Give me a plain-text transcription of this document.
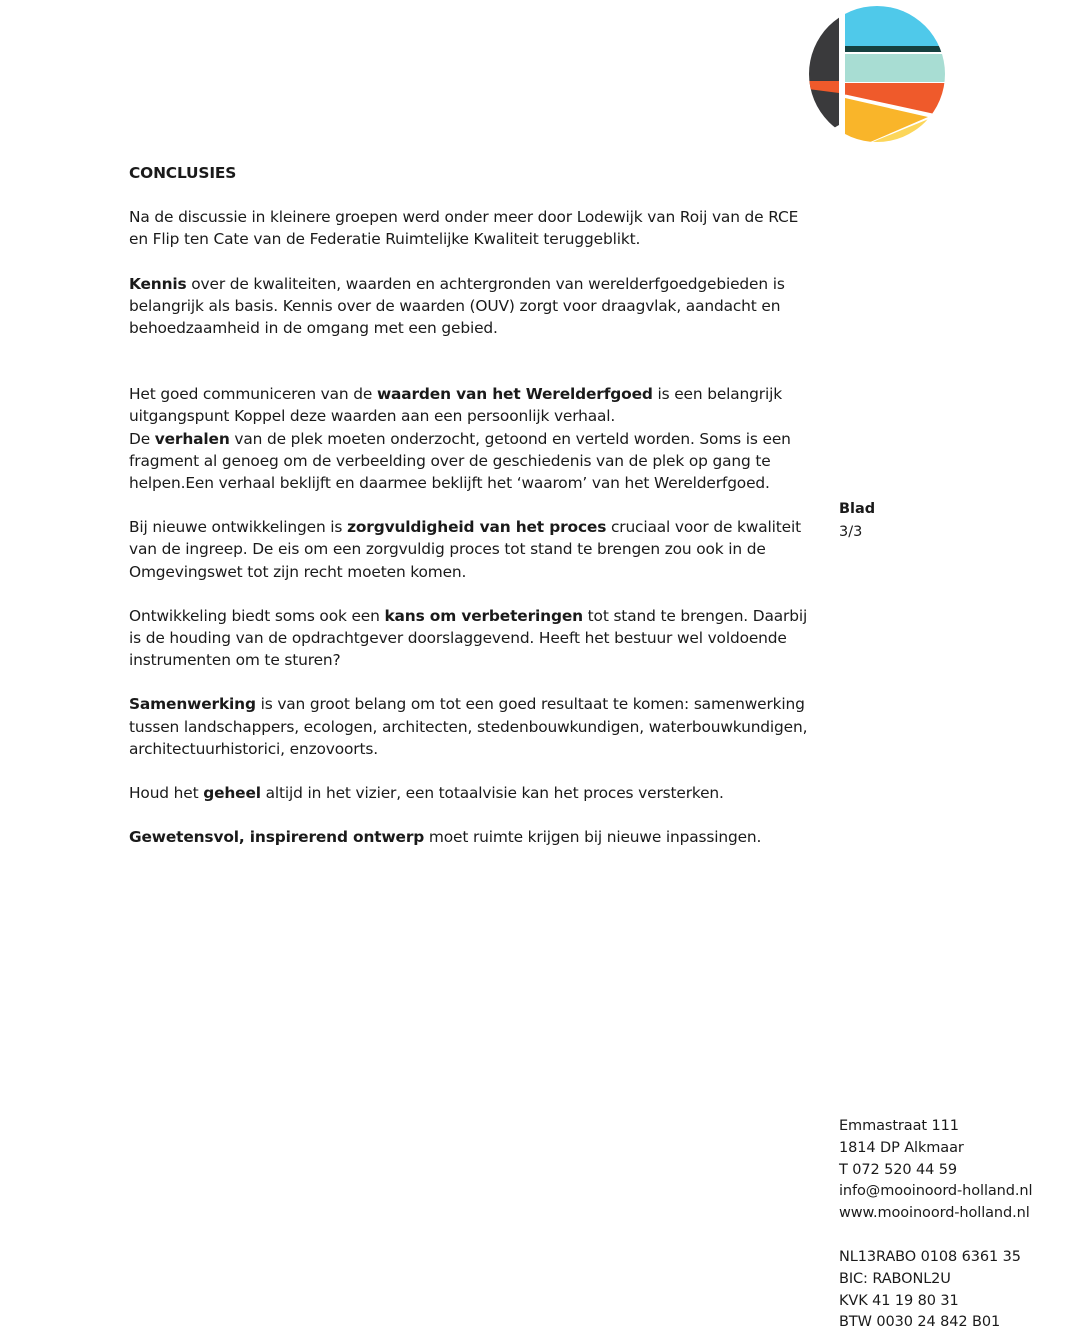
CONCLUSIES

Na de discussie in kleinere groepen werd onder meer door Lodewijk van Roij van de RCE en Flip ten Cate van de Federatie Ruimtelijke Kwaliteit teruggeblikt.

Kennis over de kwaliteiten, waarden en achtergronden van werelderfgoedgebieden is belangrijk als basis. Kennis over de waarden (OUV) zorgt voor draagvlak, aandacht en behoedzaamheid in de omgang met een gebied.

Het goed communiceren van de waarden van het Werelderfgoed is een belangrijk uitgangspunt Koppel deze waarden aan een persoonlijk verhaal.

De verhalen van de plek moeten onderzocht, getoond en verteld worden. Soms is een fragment al genoeg om de verbeelding over de geschiedenis van de plek op gang te helpen.Een verhaal beklijft en daarmee beklijft het ‘waarom’ van het Werelderfgoed.

Bij nieuwe ontwikkelingen is zorgvuldigheid van het proces cruciaal voor de kwaliteit van de ingreep. De eis om een zorgvuldig proces tot stand te brengen zou ook in de Omgevingswet tot zijn recht moeten komen.

Ontwikkeling biedt soms ook een kans om verbeteringen tot stand te brengen. Daarbij is de houding van de opdrachtgever doorslaggevend. Heeft het bestuur wel voldoende instrumenten om te sturen?

Samenwerking is van groot belang om tot een goed resultaat te komen: samenwerking tussen landschappers, ecologen, architecten, stedenbouwkundigen, waterbouwkundigen, architectuurhistorici, enzovoorts.

Houd het geheel altijd in het vizier, een totaalvisie kan het proces versterken.

Gewetensvol, inspirerend ontwerp moet ruimte krijgen bij nieuwe inpassingen.

Blad
3/3
Emmastraat 111
1814 DP Alkmaar
T 072 520 44 59
info@mooinoord-holland.nl
www.mooinoord-holland.nl
NL13RABO 0108 6361 35
BIC: RABONL2U
KVK 41 19 80 31
BTW 0030 24 842 B01
